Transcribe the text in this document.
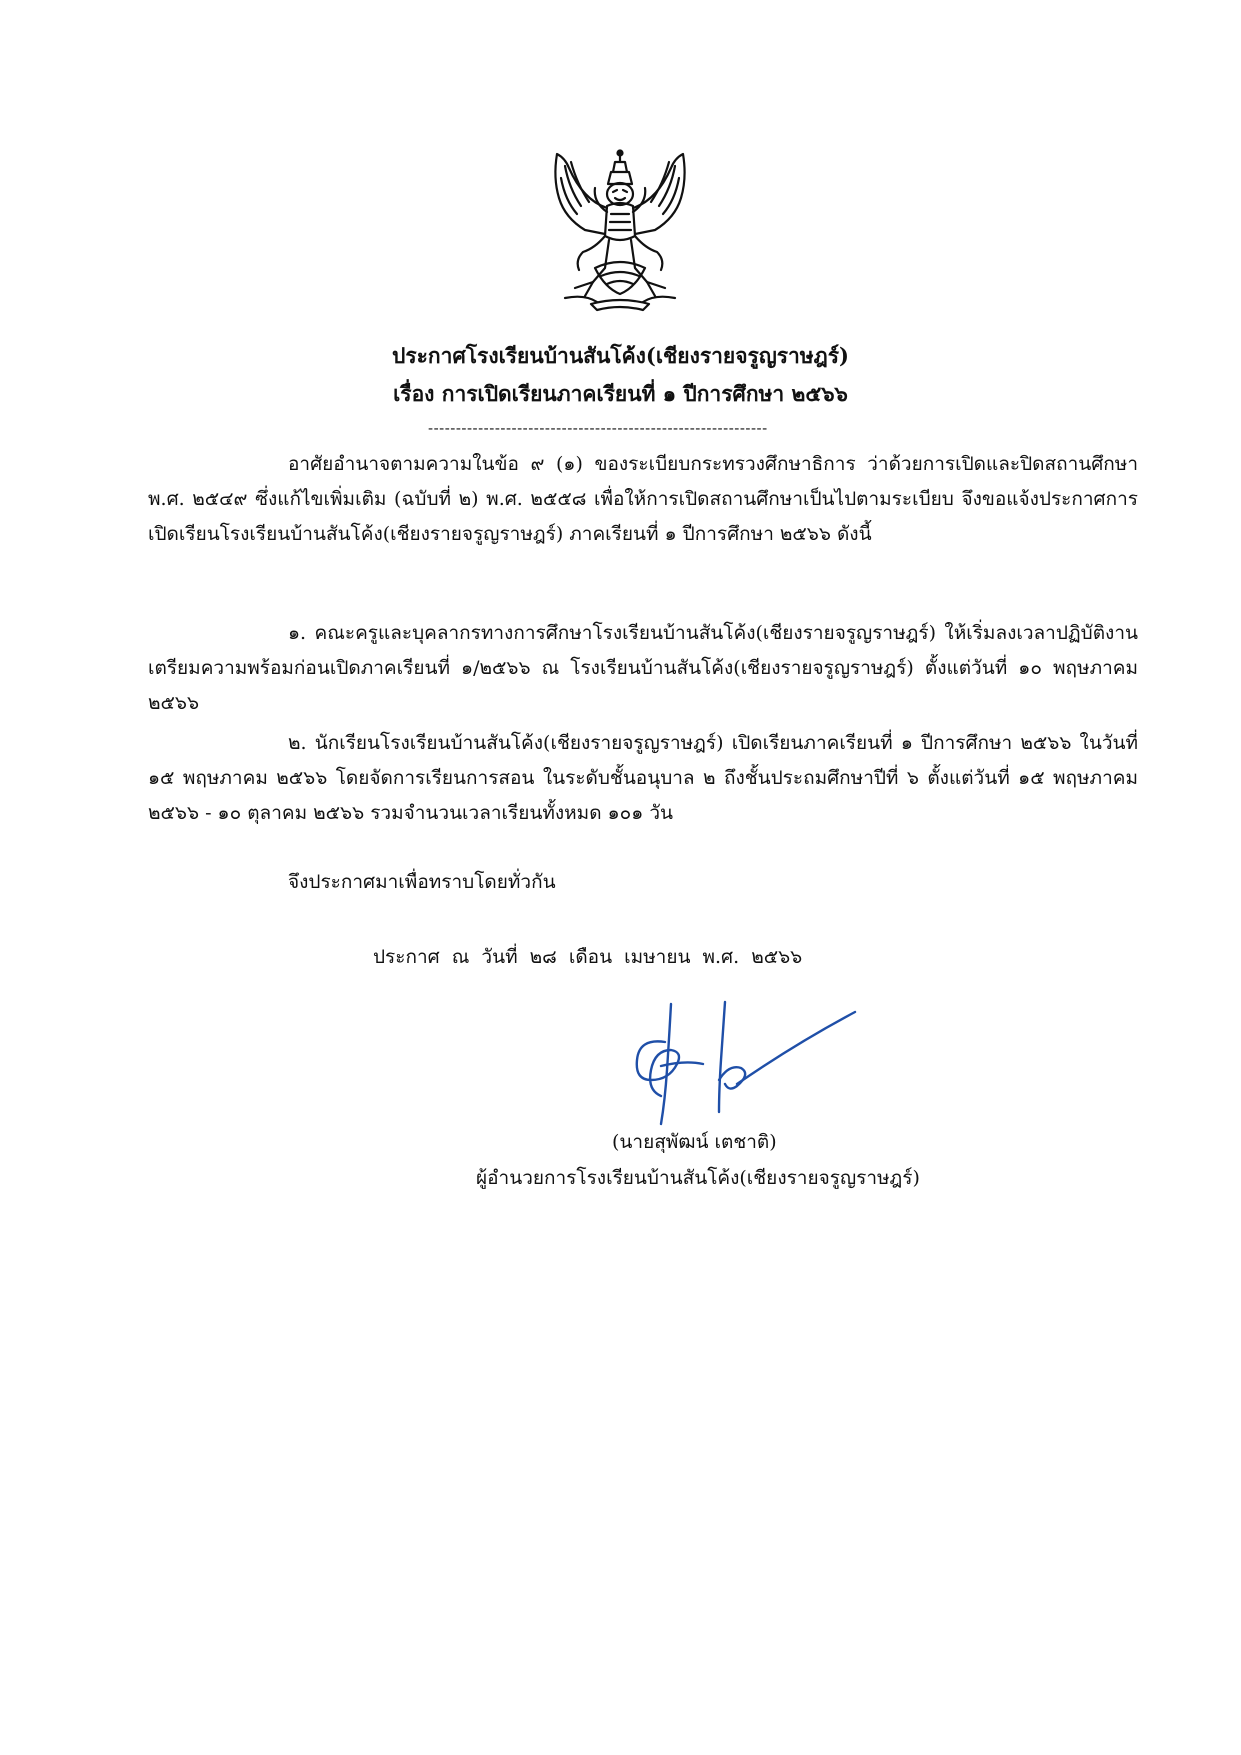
ประกาศโรงเรียนบ้านสันโค้ง(เชียงรายจรูญราษฎร์)
เรื่อง การเปิดเรียนภาคเรียนที่ ๑ ปีการศึกษา ๒๕๖๖
-------------------------------------------------------------
อาศัยอำนาจตามความในข้อ ๙ (๑) ของระเบียบกระทรวงศึกษาธิการ ว่าด้วยการเปิดและปิดสถานศึกษา พ.ศ. ๒๕๔๙ ซึ่งแก้ไขเพิ่มเติม (ฉบับที่ ๒) พ.ศ. ๒๕๕๘ เพื่อให้การเปิดสถานศึกษาเป็นไปตามระเบียบ จึงขอแจ้งประกาศการเปิดเรียนโรงเรียนบ้านสันโค้ง(เชียงรายจรูญราษฎร์) ภาคเรียนที่ ๑ ปีการศึกษา ๒๕๖๖ ดังนี้
๑. คณะครูและบุคลากรทางการศึกษาโรงเรียนบ้านสันโค้ง(เชียงรายจรูญราษฎร์) ให้เริ่มลงเวลาปฏิบัติงานเตรียมความพร้อมก่อนเปิดภาคเรียนที่ ๑/๒๕๖๖ ณ โรงเรียนบ้านสันโค้ง(เชียงรายจรูญราษฎร์) ตั้งแต่วันที่ ๑๐ พฤษภาคม ๒๕๖๖
๒. นักเรียนโรงเรียนบ้านสันโค้ง(เชียงรายจรูญราษฎร์) เปิดเรียนภาคเรียนที่ ๑ ปีการศึกษา ๒๕๖๖ ในวันที่ ๑๕ พฤษภาคม ๒๕๖๖ โดยจัดการเรียนการสอน ในระดับชั้นอนุบาล ๒ ถึงชั้นประถมศึกษาปีที่ ๖ ตั้งแต่วันที่ ๑๕ พฤษภาคม ๒๕๖๖ - ๑๐ ตุลาคม ๒๕๖๖ รวมจำนวนเวลาเรียนทั้งหมด ๑๐๑ วัน
จึงประกาศมาเพื่อทราบโดยทั่วกัน
ประกาศ ณ วันที่ ๒๘ เดือน เมษายน พ.ศ. ๒๕๖๖
(นายสุพัฒน์ เตชาติ)
ผู้อำนวยการโรงเรียนบ้านสันโค้ง(เชียงรายจรูญราษฎร์)
